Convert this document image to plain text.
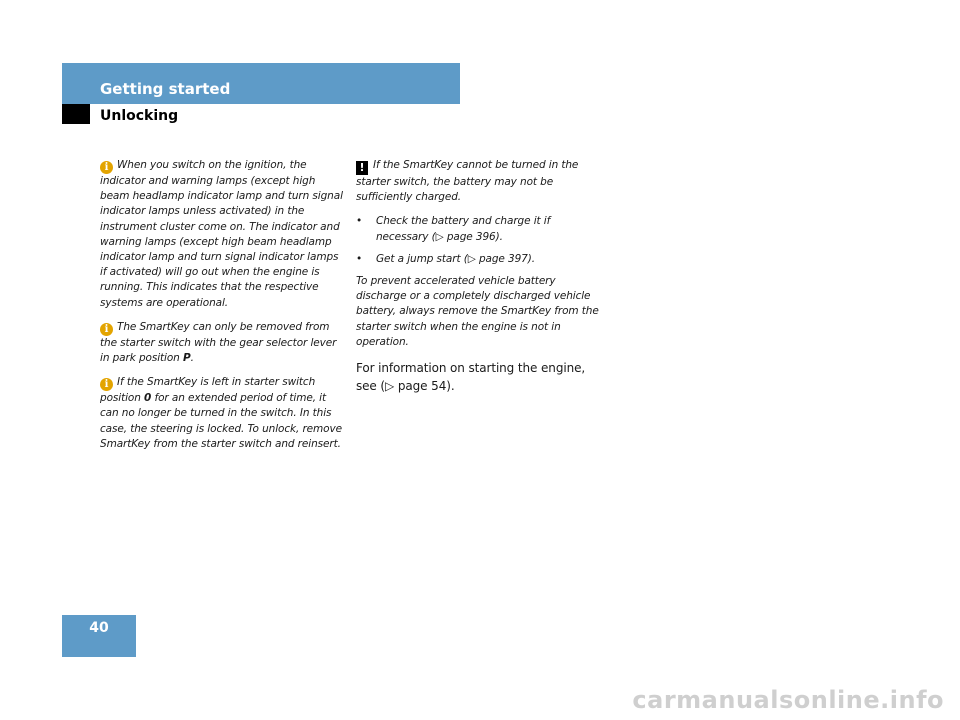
Getting started
Unlocking

i When you switch on the ignition, the indicator and warning lamps (except high beam headlamp indicator lamp and turn signal indicator lamps unless activated) in the instrument cluster come on. The indicator and warning lamps (except high beam headlamp indicator lamp and turn signal indicator lamps if activated) will go out when the engine is running. This indicates that the respective systems are operational.

i The SmartKey can only be removed from the starter switch with the gear selector lever in park position P.

i If the SmartKey is left in starter switch position 0 for an extended period of time, it can no longer be turned in the switch. In this case, the steering is locked. To unlock, remove SmartKey from the starter switch and reinsert.

! If the SmartKey cannot be turned in the starter switch, the battery may not be sufficiently charged.

•	Check the battery and charge it if necessary (▷ page 396).
•	Get a jump start (▷ page 397).

To prevent accelerated vehicle battery discharge or a completely discharged vehicle battery, always remove the SmartKey from the starter switch when the engine is not in operation.

For information on starting the engine, see (▷ page 54).

40
carmanualsonline.info
